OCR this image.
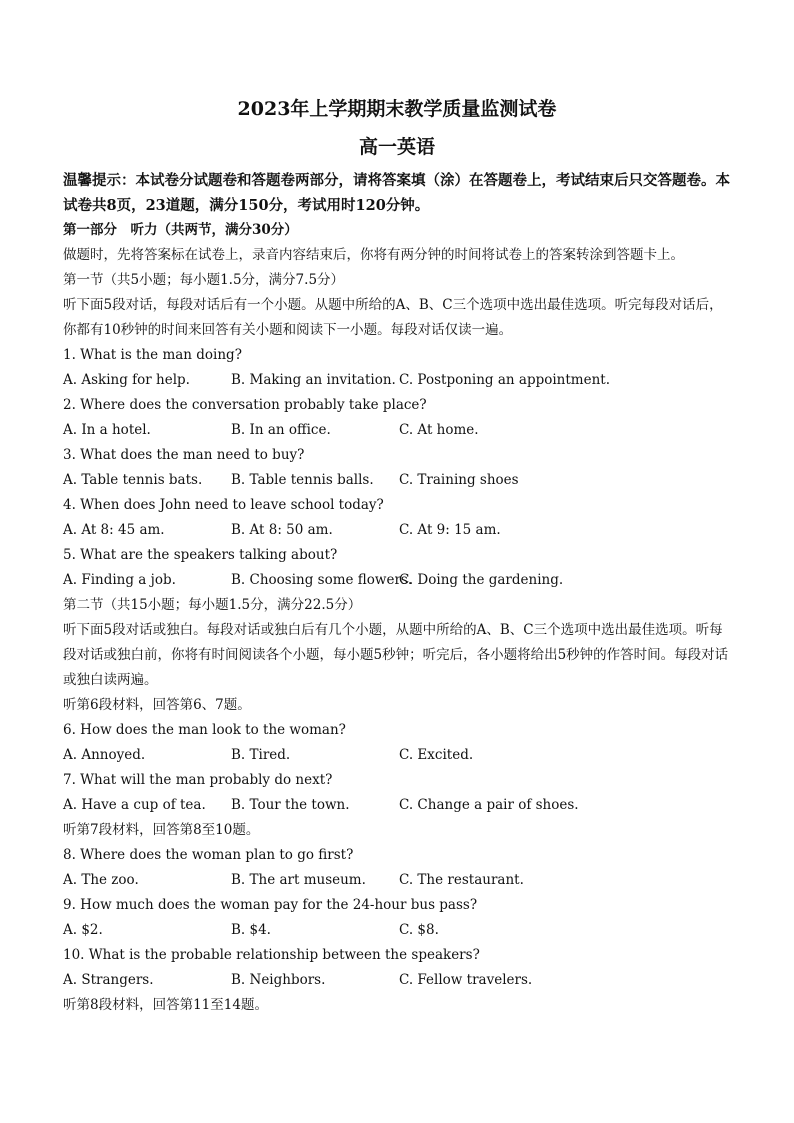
2023年上学期期末教学质量监测试卷
高一英语
温馨提示：本试卷分试题卷和答题卷两部分，请将答案填（涂）在答题卷上，考试结束后只交答题卷。本试卷共8页，23道题，满分150分，考试用时120分钟。
第一部分　听力（共两节，满分30分）
做题时，先将答案标在试卷上，录音内容结束后，你将有两分钟的时间将试卷上的答案转涂到答题卡上。
第一节（共5小题；每小题1.5分，满分7.5分）
听下面5段对话，每段对话后有一个小题。从题中所给的A、B、C三个选项中选出最佳选项。听完每段对话后，你都有10秒钟的时间来回答有关小题和阅读下一小题。每段对话仅读一遍。
1. What is the man doing?
A. Asking for help.	B. Making an invitation. C. Postponing an appointment.
2. Where does the conversation probably take place?
A. In a hotel.	B. In an office.	C. At home.
3. What does the man need to buy?
A. Table tennis bats.	B. Table tennis balls.	C. Training shoes
4. When does John need to leave school today?
A. At 8: 45 am.	B. At 8: 50 am.	C. At 9: 15 am.
5. What are the speakers talking about?
A. Finding a job.	B. Choosing some flowers.
C. Doing the gardening.
第二节（共15小题；每小题1.5分，满分22.5分）
听下面5段对话或独白。每段对话或独白后有几个小题，从题中所给的A、B、C三个选项中选出最佳选项。听每段对话或独白前，你将有时间阅读各个小题，每小题5秒钟；听完后，各小题将给出5秒钟的作答时间。每段对话或独白读两遍。
听第6段材料，回答第6、7题。
6. How does the man look to the woman?
A. Annoyed.	B. Tired.	C. Excited.
7. What will the man probably do next?
A. Have a cup of tea.	B. Tour the town.	C. Change a pair of shoes.
听第7段材料，回答第8至10题。
8. Where does the woman plan to go first?
A. The zoo.	B. The art museum.	C. The restaurant.
9. How much does the woman pay for the 24-hour bus pass?
A. $2.	B. $4.	C. $8.
10. What is the probable relationship between the speakers?
A. Strangers.	B. Neighbors.	C. Fellow travelers.
听第8段材料，回答第11至14题。
